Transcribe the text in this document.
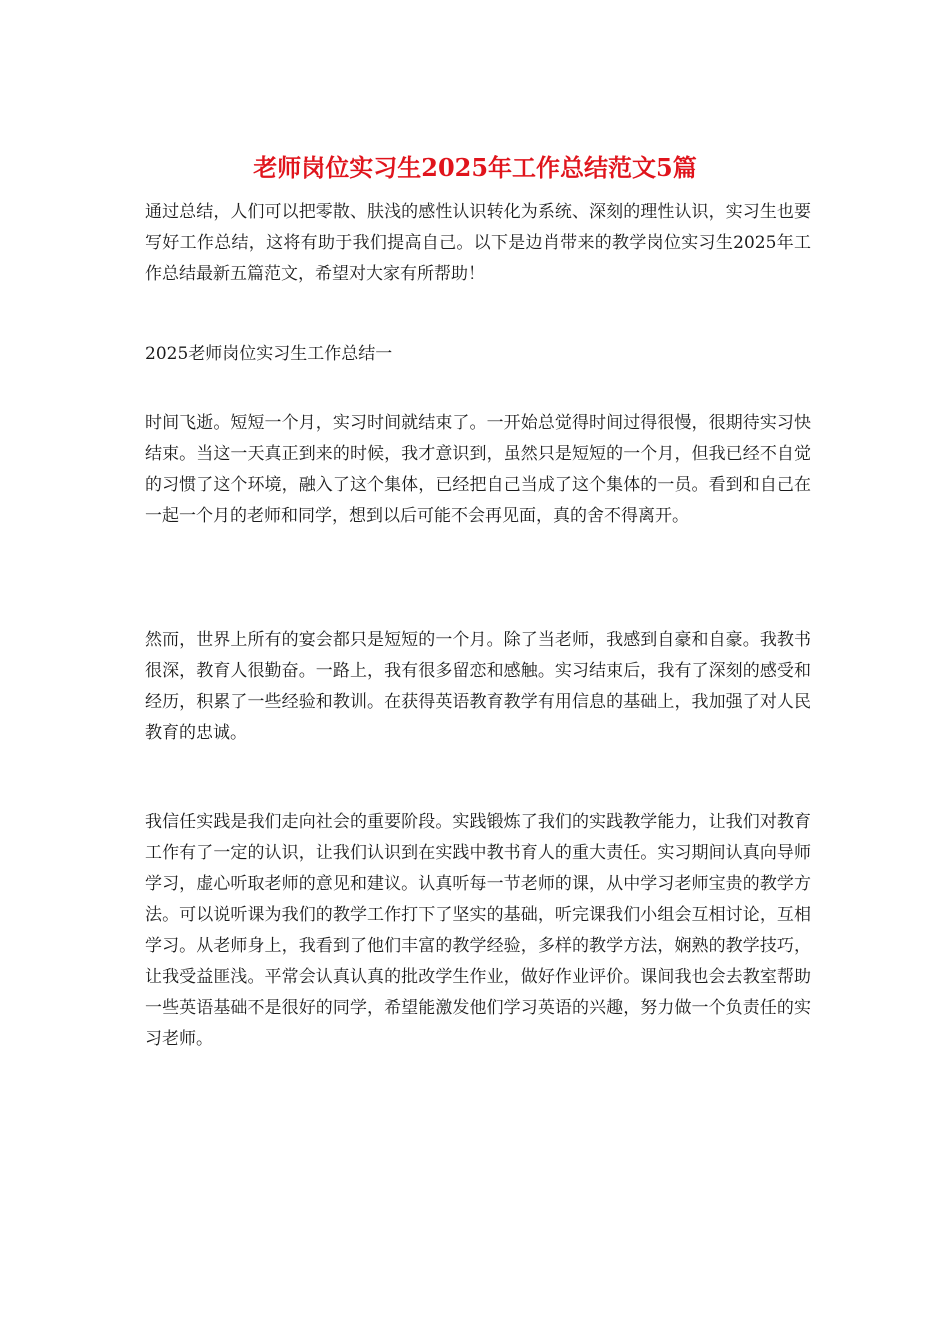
老师岗位实习生2025年工作总结范文5篇

通过总结，人们可以把零散、肤浅的感性认识转化为系统、深刻的理性认识，实习生也要写好工作总结，这将有助于我们提高自己。以下是边肖带来的教学岗位实习生2025年工作总结最新五篇范文，希望对大家有所帮助！

2025老师岗位实习生工作总结一

时间飞逝。短短一个月，实习时间就结束了。一开始总觉得时间过得很慢，很期待实习快结束。当这一天真正到来的时候，我才意识到，虽然只是短短的一个月，但我已经不自觉的习惯了这个环境，融入了这个集体，已经把自己当成了这个集体的一员。看到和自己在一起一个月的老师和同学，想到以后可能不会再见面，真的舍不得离开。

然而，世界上所有的宴会都只是短短的一个月。除了当老师，我感到自豪和自豪。我教书很深，教育人很勤奋。一路上，我有很多留恋和感触。实习结束后，我有了深刻的感受和经历，积累了一些经验和教训。在获得英语教育教学有用信息的基础上，我加强了对人民教育的忠诚。

我信任实践是我们走向社会的重要阶段。实践锻炼了我们的实践教学能力，让我们对教育工作有了一定的认识，让我们认识到在实践中教书育人的重大责任。实习期间认真向导师学习，虚心听取老师的意见和建议。认真听每一节老师的课，从中学习老师宝贵的教学方法。可以说听课为我们的教学工作打下了坚实的基础，听完课我们小组会互相讨论，互相学习。从老师身上，我看到了他们丰富的教学经验，多样的教学方法，娴熟的教学技巧，让我受益匪浅。平常会认真认真的批改学生作业，做好作业评价。课间我也会去教室帮助一些英语基础不是很好的同学，希望能激发他们学习英语的兴趣，努力做一个负责任的实习老师。
